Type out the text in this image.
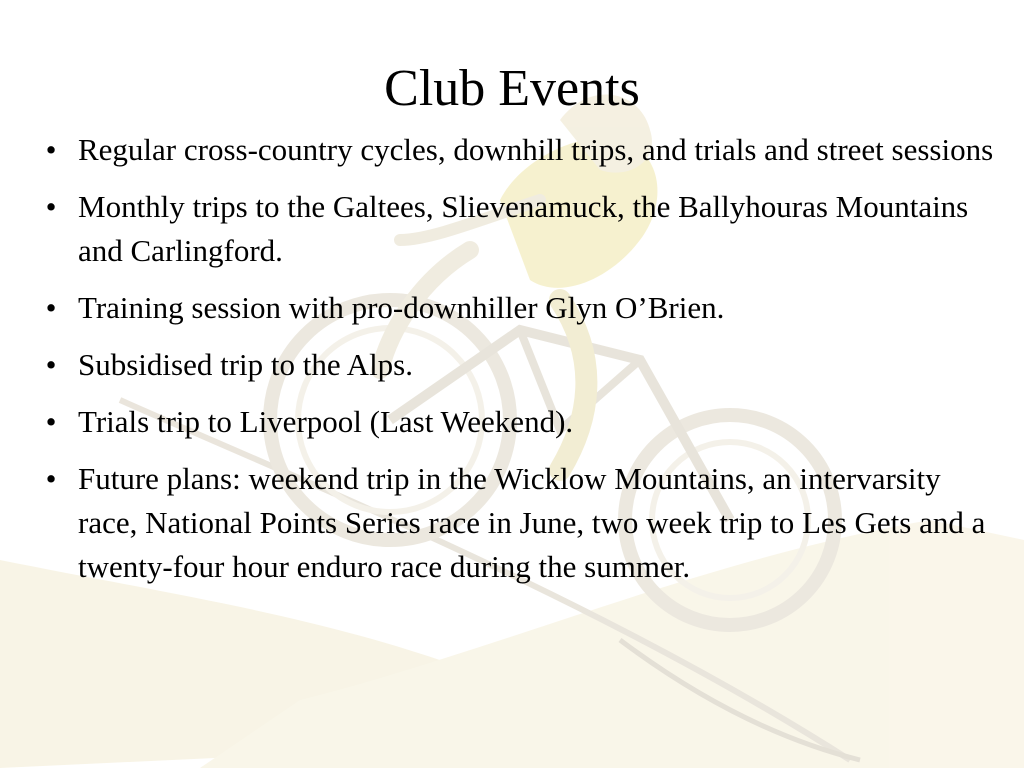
Club Events
• Regular cross-country cycles, downhill trips, and trials and street sessions
• Monthly trips to the Galtees, Slievenamuck, the Ballyhouras Mountains and Carlingford.
• Training session with pro-downhiller Glyn O’Brien.
• Subsidised trip to the Alps.
• Trials trip to Liverpool (Last Weekend).
• Future plans: weekend trip in the Wicklow Mountains, an intervarsity race, National Points Series race in June, two week trip to Les Gets and a twenty-four hour enduro race during the summer.
